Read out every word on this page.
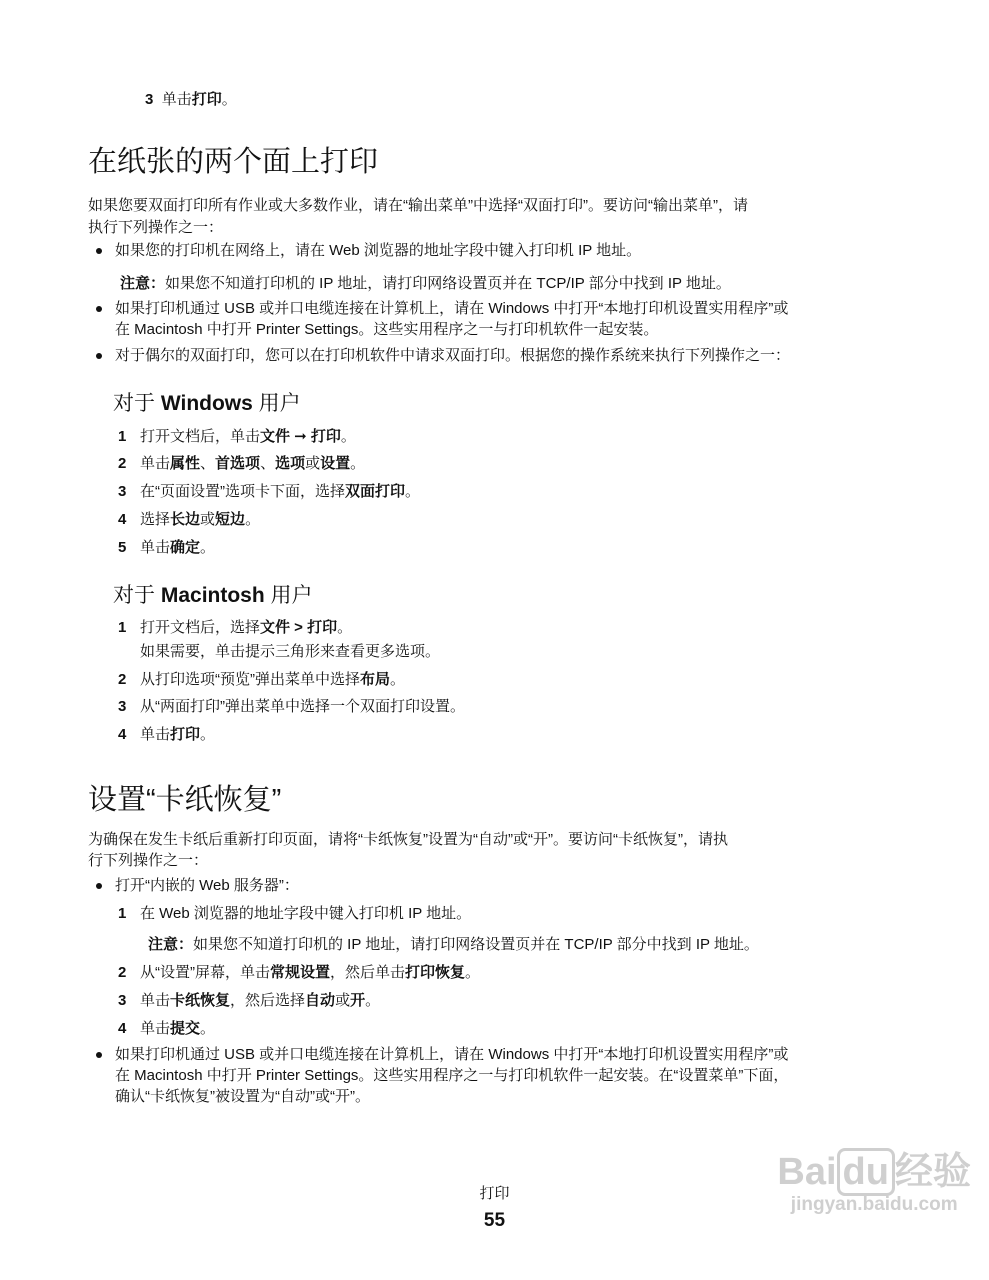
3 单击打印。
在纸张的两个面上打印
如果您要双面打印所有作业或大多数作业，请在“输出菜单”中选择“双面打印”。要访问“输出菜单”，请
执行下列操作之一：
如果您的打印机在网络上，请在 Web 浏览器的地址字段中键入打印机 IP 地址。
注意：如果您不知道打印机的 IP 地址，请打印网络设置页并在 TCP/IP 部分中找到 IP 地址。
如果打印机通过 USB 或并口电缆连接在计算机上，请在 Windows 中打开“本地打印机设置实用程序”或
在 Macintosh 中打开 Printer Settings。这些实用程序之一与打印机软件一起安装。
对于偶尔的双面打印，您可以在打印机软件中请求双面打印。根据您的操作系统来执行下列操作之一：
对于 Windows 用户
1 打开文档后，单击文件 ➞ 打印。
2 单击属性、首选项、选项或设置。
3 在“页面设置”选项卡下面，选择双面打印。
4 选择长边或短边。
5 单击确定。
对于 Macintosh 用户
1 打开文档后，选择文件 > 打印。
2 从打印选项“预览”弹出菜单中选择布局。
3 从“两面打印”弹出菜单中选择一个双面打印设置。
4 单击打印。
如果需要，单击提示三角形来查看更多选项。
设置“卡纸恢复”
为确保在发生卡纸后重新打印页面，请将“卡纸恢复”设置为“自动”或“开”。要访问“卡纸恢复”，请执
行下列操作之一：
打开“内嵌的 Web 服务器”：
1 在 Web 浏览器的地址字段中键入打印机 IP 地址。
2 从“设置”屏幕，单击常规设置，然后单击打印恢复。
3 单击卡纸恢复，然后选择自动或开。
4 单击提交。
注意：如果您不知道打印机的 IP 地址，请打印网络设置页并在 TCP/IP 部分中找到 IP 地址。
如果打印机通过 USB 或并口电缆连接在计算机上，请在 Windows 中打开“本地打印机设置实用程序”或
在 Macintosh 中打开 Printer Settings。这些实用程序之一与打印机软件一起安装。在“设置菜单”下面，
确认“卡纸恢复”被设置为“自动”或“开”。
打印
55
Bai du 经验
jingyan.baidu.com
